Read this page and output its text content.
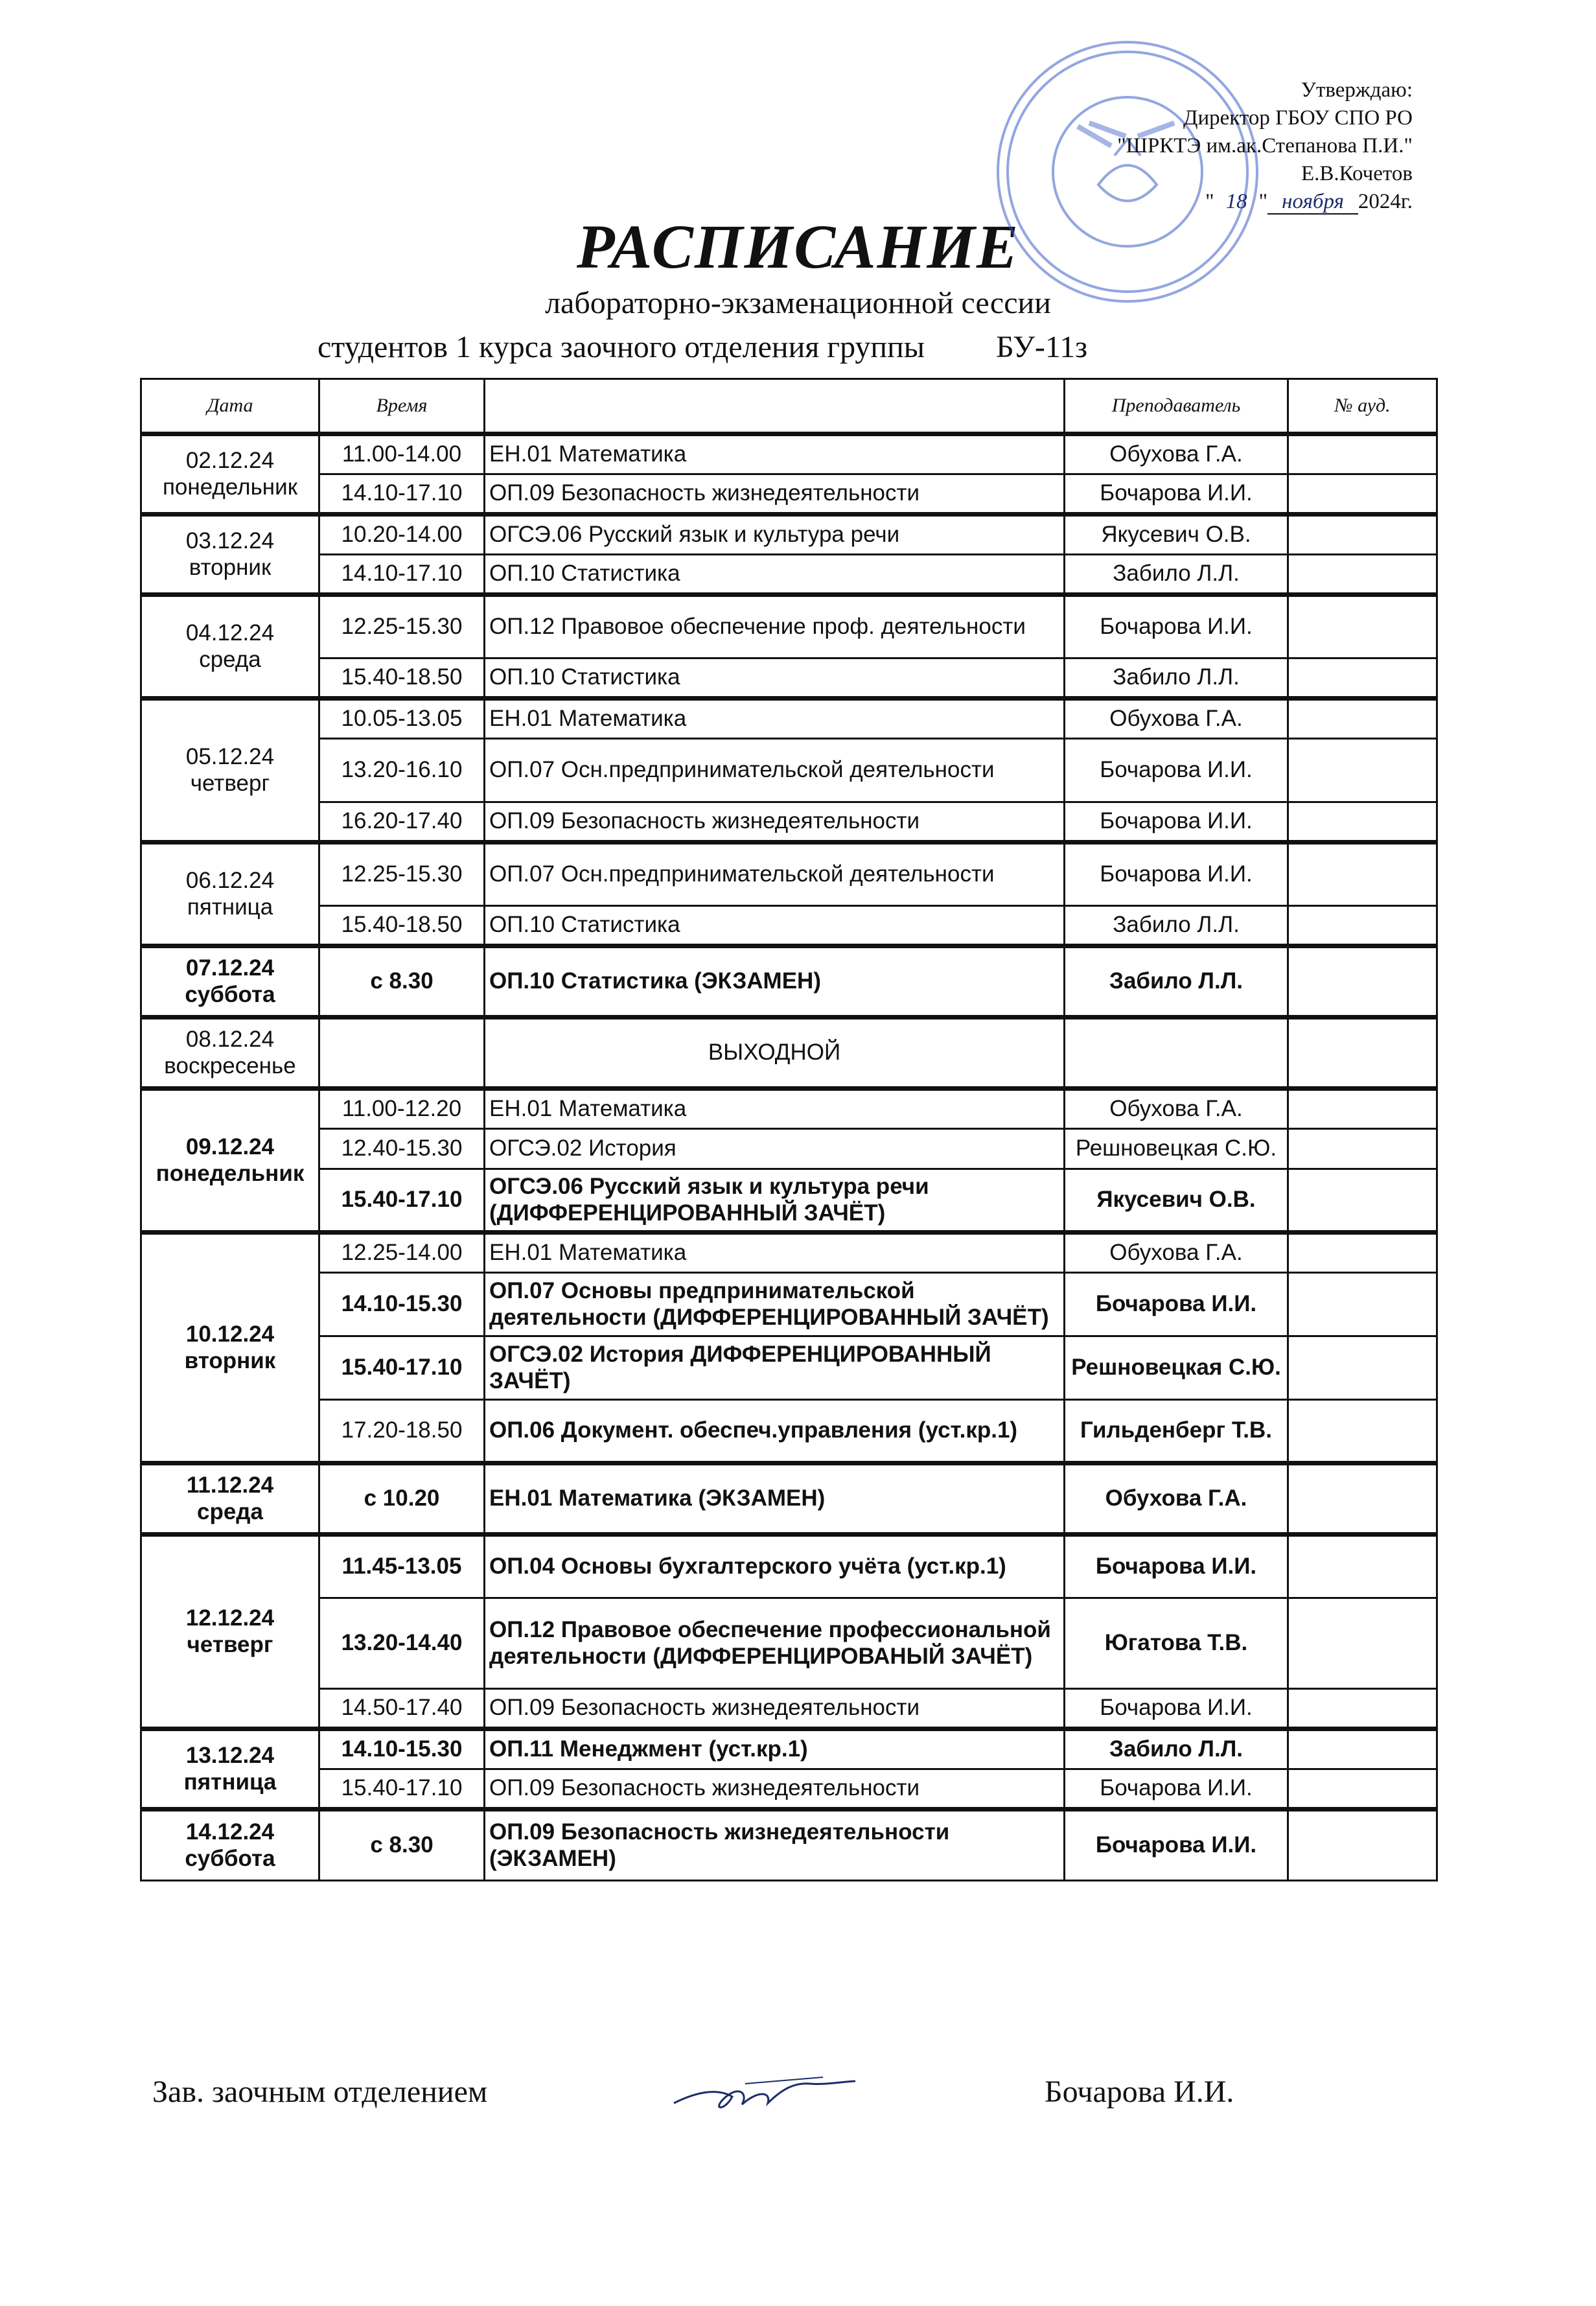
Утверждаю:
Директор ГБОУ СПО РО
"ШРКТЭ им.ак.Степанова П.И."
Е.В.Кочетов
" 18 " ноября 2024г.
РАСПИСАНИЕ
лабораторно-экзаменационной сессии
студентов 1 курса заочного отделения группы БУ-11з
Дата	Время		Преподаватель	№ ауд.

02.12.24
понедельник	11.00-14.00	ЕН.01 Математика	Обухова Г.А.	
	14.10-17.10	ОП.09 Безопасность жизнедеятельности	Бочарова И.И.	

03.12.24
вторник	10.20-14.00	ОГСЭ.06 Русский язык и культура речи	Якусевич О.В.	
	14.10-17.10	ОП.10 Статистика	Забило Л.Л.	

04.12.24
среда	12.25-15.30	ОП.12 Правовое обеспечение проф. деятельности	Бочарова И.И.	
	15.40-18.50	ОП.10 Статистика	Забило Л.Л.	

05.12.24
четверг	10.05-13.05	ЕН.01 Математика	Обухова Г.А.	
	13.20-16.10	ОП.07 Осн.предпринимательской деятельности	Бочарова И.И.	
	16.20-17.40	ОП.09 Безопасность жизнедеятельности	Бочарова И.И.	

06.12.24
пятница	12.25-15.30	ОП.07 Осн.предпринимательской деятельности	Бочарова И.И.	
	15.40-18.50	ОП.10 Статистика	Забило Л.Л.	

07.12.24
суббота	с 8.30	ОП.10 Статистика (ЭКЗАМЕН)	Забило Л.Л.	

08.12.24
воскресенье		ВЫХОДНОЙ		

09.12.24
понедельник	11.00-12.20	ЕН.01 Математика	Обухова Г.А.	
	12.40-15.30	ОГСЭ.02 История	Решновецкая С.Ю.	
	15.40-17.10	ОГСЭ.06 Русский язык и культура речи (ДИФФЕРЕНЦИРОВАННЫЙ ЗАЧЁТ)	Якусевич О.В.	

10.12.24
вторник	12.25-14.00	ЕН.01 Математика	Обухова Г.А.	
	14.10-15.30	ОП.07 Основы предпринимательской деятельности (ДИФФЕРЕНЦИРОВАННЫЙ ЗАЧЁТ)	Бочарова И.И.	
	15.40-17.10	ОГСЭ.02 История ДИФФЕРЕНЦИРОВАННЫЙ ЗАЧЁТ)	Решновецкая С.Ю.	
	17.20-18.50	ОП.06 Документ. обеспеч.управления (уст.кр.1)	Гильденберг Т.В.	

11.12.24
среда	с 10.20	ЕН.01 Математика (ЭКЗАМЕН)	Обухова Г.А.	

12.12.24
четверг	11.45-13.05	ОП.04 Основы бухгалтерского учёта (уст.кр.1)	Бочарова И.И.	
	13.20-14.40	ОП.12 Правовое обеспечение профессиональной деятельности (ДИФФЕРЕНЦИРОВАНЫЙ ЗАЧЁТ)	Югатова Т.В.	
	14.50-17.40	ОП.09 Безопасность жизнедеятельности	Бочарова И.И.	

13.12.24
пятница	14.10-15.30	ОП.11 Менеджмент (уст.кр.1)	Забило Л.Л.	
	15.40-17.10	ОП.09 Безопасность жизнедеятельности	Бочарова И.И.	

14.12.24
суббота	с 8.30	ОП.09 Безопасность жизнедеятельности (ЭКЗАМЕН)	Бочарова И.И.	
Зав. заочным отделением	Бочарова И.И.
